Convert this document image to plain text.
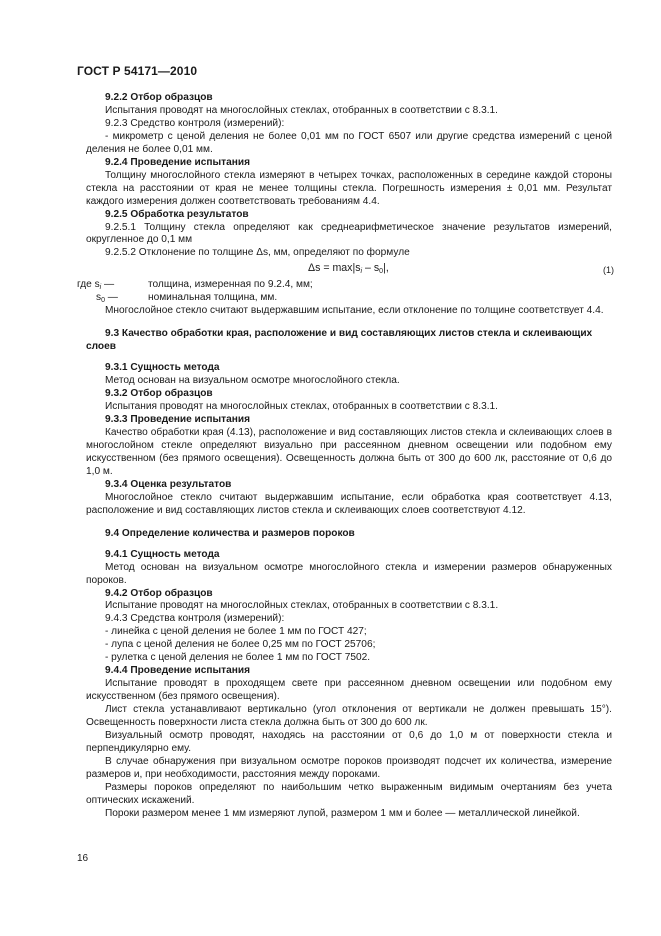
ГОСТ Р 54171—2010

9.2.2 Отбор образцов

Испытания проводят на многослойных стеклах, отобранных в соответствии с 8.3.1.

9.2.3 Средство контроля (измерений):

- микрометр с ценой деления не более 0,01 мм по ГОСТ 6507 или другие средства измерений с ценой деления не более 0,01 мм.

9.2.4 Проведение испытания

Толщину многослойного стекла измеряют в четырех точках, расположенных в середине каждой стороны стекла на расстоянии от края не менее толщины стекла. Погрешность измерения ± 0,01 мм. Результат каждого измерения должен соответствовать требованиям 4.4.

9.2.5 Обработка результатов

9.2.5.1 Толщину стекла определяют как среднеарифметическое значение результатов измерений, округленное до 0,1 мм

9.2.5.2 Отклонение по толщине Δs, мм, определяют по формуле

$\Delta s = \max|s_i - s_0|$,	(1)
где $s_i$ —	толщина, измеренная по 9.2.4, мм;
$s_0$ —	номинальная толщина, мм.

Многослойное стекло считают выдержавшим испытание, если отклонение по толщине соответствует 4.4.

9.3 Качество обработки края, расположение и вид составляющих листов стекла и склеивающих слоев

9.3.1 Сущность метода

Метод основан на визуальном осмотре многослойного стекла.

9.3.2 Отбор образцов

Испытания проводят на многослойных стеклах, отобранных в соответствии с 8.3.1.

9.3.3 Проведение испытания

Качество обработки края (4.13), расположение и вид составляющих листов стекла и склеивающих слоев в многослойном стекле определяют визуально при рассеянном дневном освещении или подобном ему искусственном (без прямого освещения). Освещенность должна быть от 300 до 600 лк, расстояние от 0,6 до 1,0 м.

9.3.4 Оценка результатов

Многослойное стекло считают выдержавшим испытание, если обработка края соответствует 4.13, расположение и вид составляющих листов стекла и склеивающих слоев соответствуют 4.12.

9.4 Определение количества и размеров пороков

9.4.1 Сущность метода

Метод основан на визуальном осмотре многослойного стекла и измерении размеров обнаруженных пороков.

9.4.2 Отбор образцов

Испытание проводят на многослойных стеклах, отобранных в соответствии с 8.3.1.

9.4.3 Средства контроля (измерений):

- линейка с ценой деления не более 1 мм по ГОСТ 427;

- лупа с ценой деления не более 0,25 мм по ГОСТ 25706;

- рулетка с ценой деления не более 1 мм по ГОСТ 7502.

9.4.4 Проведение испытания

Испытание проводят в проходящем свете при рассеянном дневном освещении или подобном ему искусственном (без прямого освещения).

Лист стекла устанавливают вертикально (угол отклонения от вертикали не должен превышать 15°). Освещенность поверхности листа стекла должна быть от 300 до 600 лк.

Визуальный осмотр проводят, находясь на расстоянии от 0,6 до 1,0 м от поверхности стекла и перпендикулярно ему.

В случае обнаружения при визуальном осмотре пороков производят подсчет их количества, измерение размеров и, при необходимости, расстояния между пороками.

Размеры пороков определяют по наибольшим четко выраженным видимым очертаниям без учета оптических искажений.

Пороки размером менее 1 мм измеряют лупой, размером 1 мм и более — металлической линейкой.

16
